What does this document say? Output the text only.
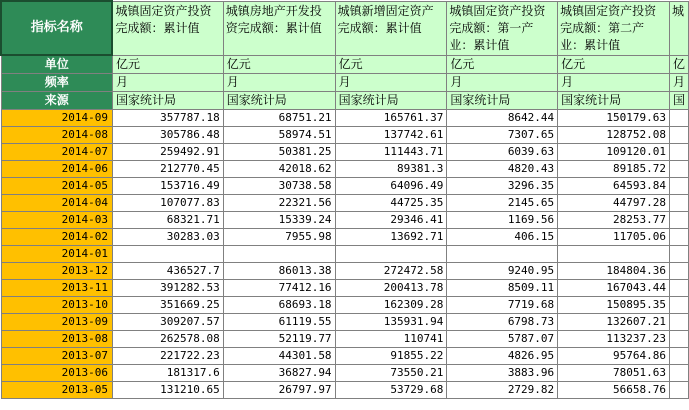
指标名称	城镇固定资产投资完成额：累计值	城镇房地产开发投资完成额：累计值	城镇新增固定资产完成额：累计值	城镇固定资产投资完成额：第一产业：累计值	城镇固定资产投资完成额：第二产业：累计值	城
单位	亿元	亿元	亿元	亿元	亿元	亿
频率	月	月	月	月	月	月
来源	国家统计局	国家统计局	国家统计局	国家统计局	国家统计局	国
2014-09	357787.18	68751.21	165761.37	8642.44	150179.63	
2014-08	305786.48	58974.51	137742.61	7307.65	128752.08	
2014-07	259492.91	50381.25	111443.71	6039.63	109120.01	
2014-06	212770.45	42018.62	89381.3	4820.43	89185.72	
2014-05	153716.49	30738.58	64096.49	3296.35	64593.84	
2014-04	107077.83	22321.56	44725.35	2145.65	44797.28	
2014-03	68321.71	15339.24	29346.41	1169.56	28253.77	
2014-02	30283.03	7955.98	13692.71	406.15	11705.06	
2014-01						
2013-12	436527.7	86013.38	272472.58	9240.95	184804.36	
2013-11	391282.53	77412.16	200413.78	8509.11	167043.44	
2013-10	351669.25	68693.18	162309.28	7719.68	150895.35	
2013-09	309207.57	61119.55	135931.94	6798.73	132607.21	
2013-08	262578.08	52119.77	110741	5787.07	113237.23	
2013-07	221722.23	44301.58	91855.22	4826.95	95764.86	
2013-06	181317.6	36827.94	73550.21	3883.96	78051.63	
2013-05	131210.65	26797.97	53729.68	2729.82	56658.76	
